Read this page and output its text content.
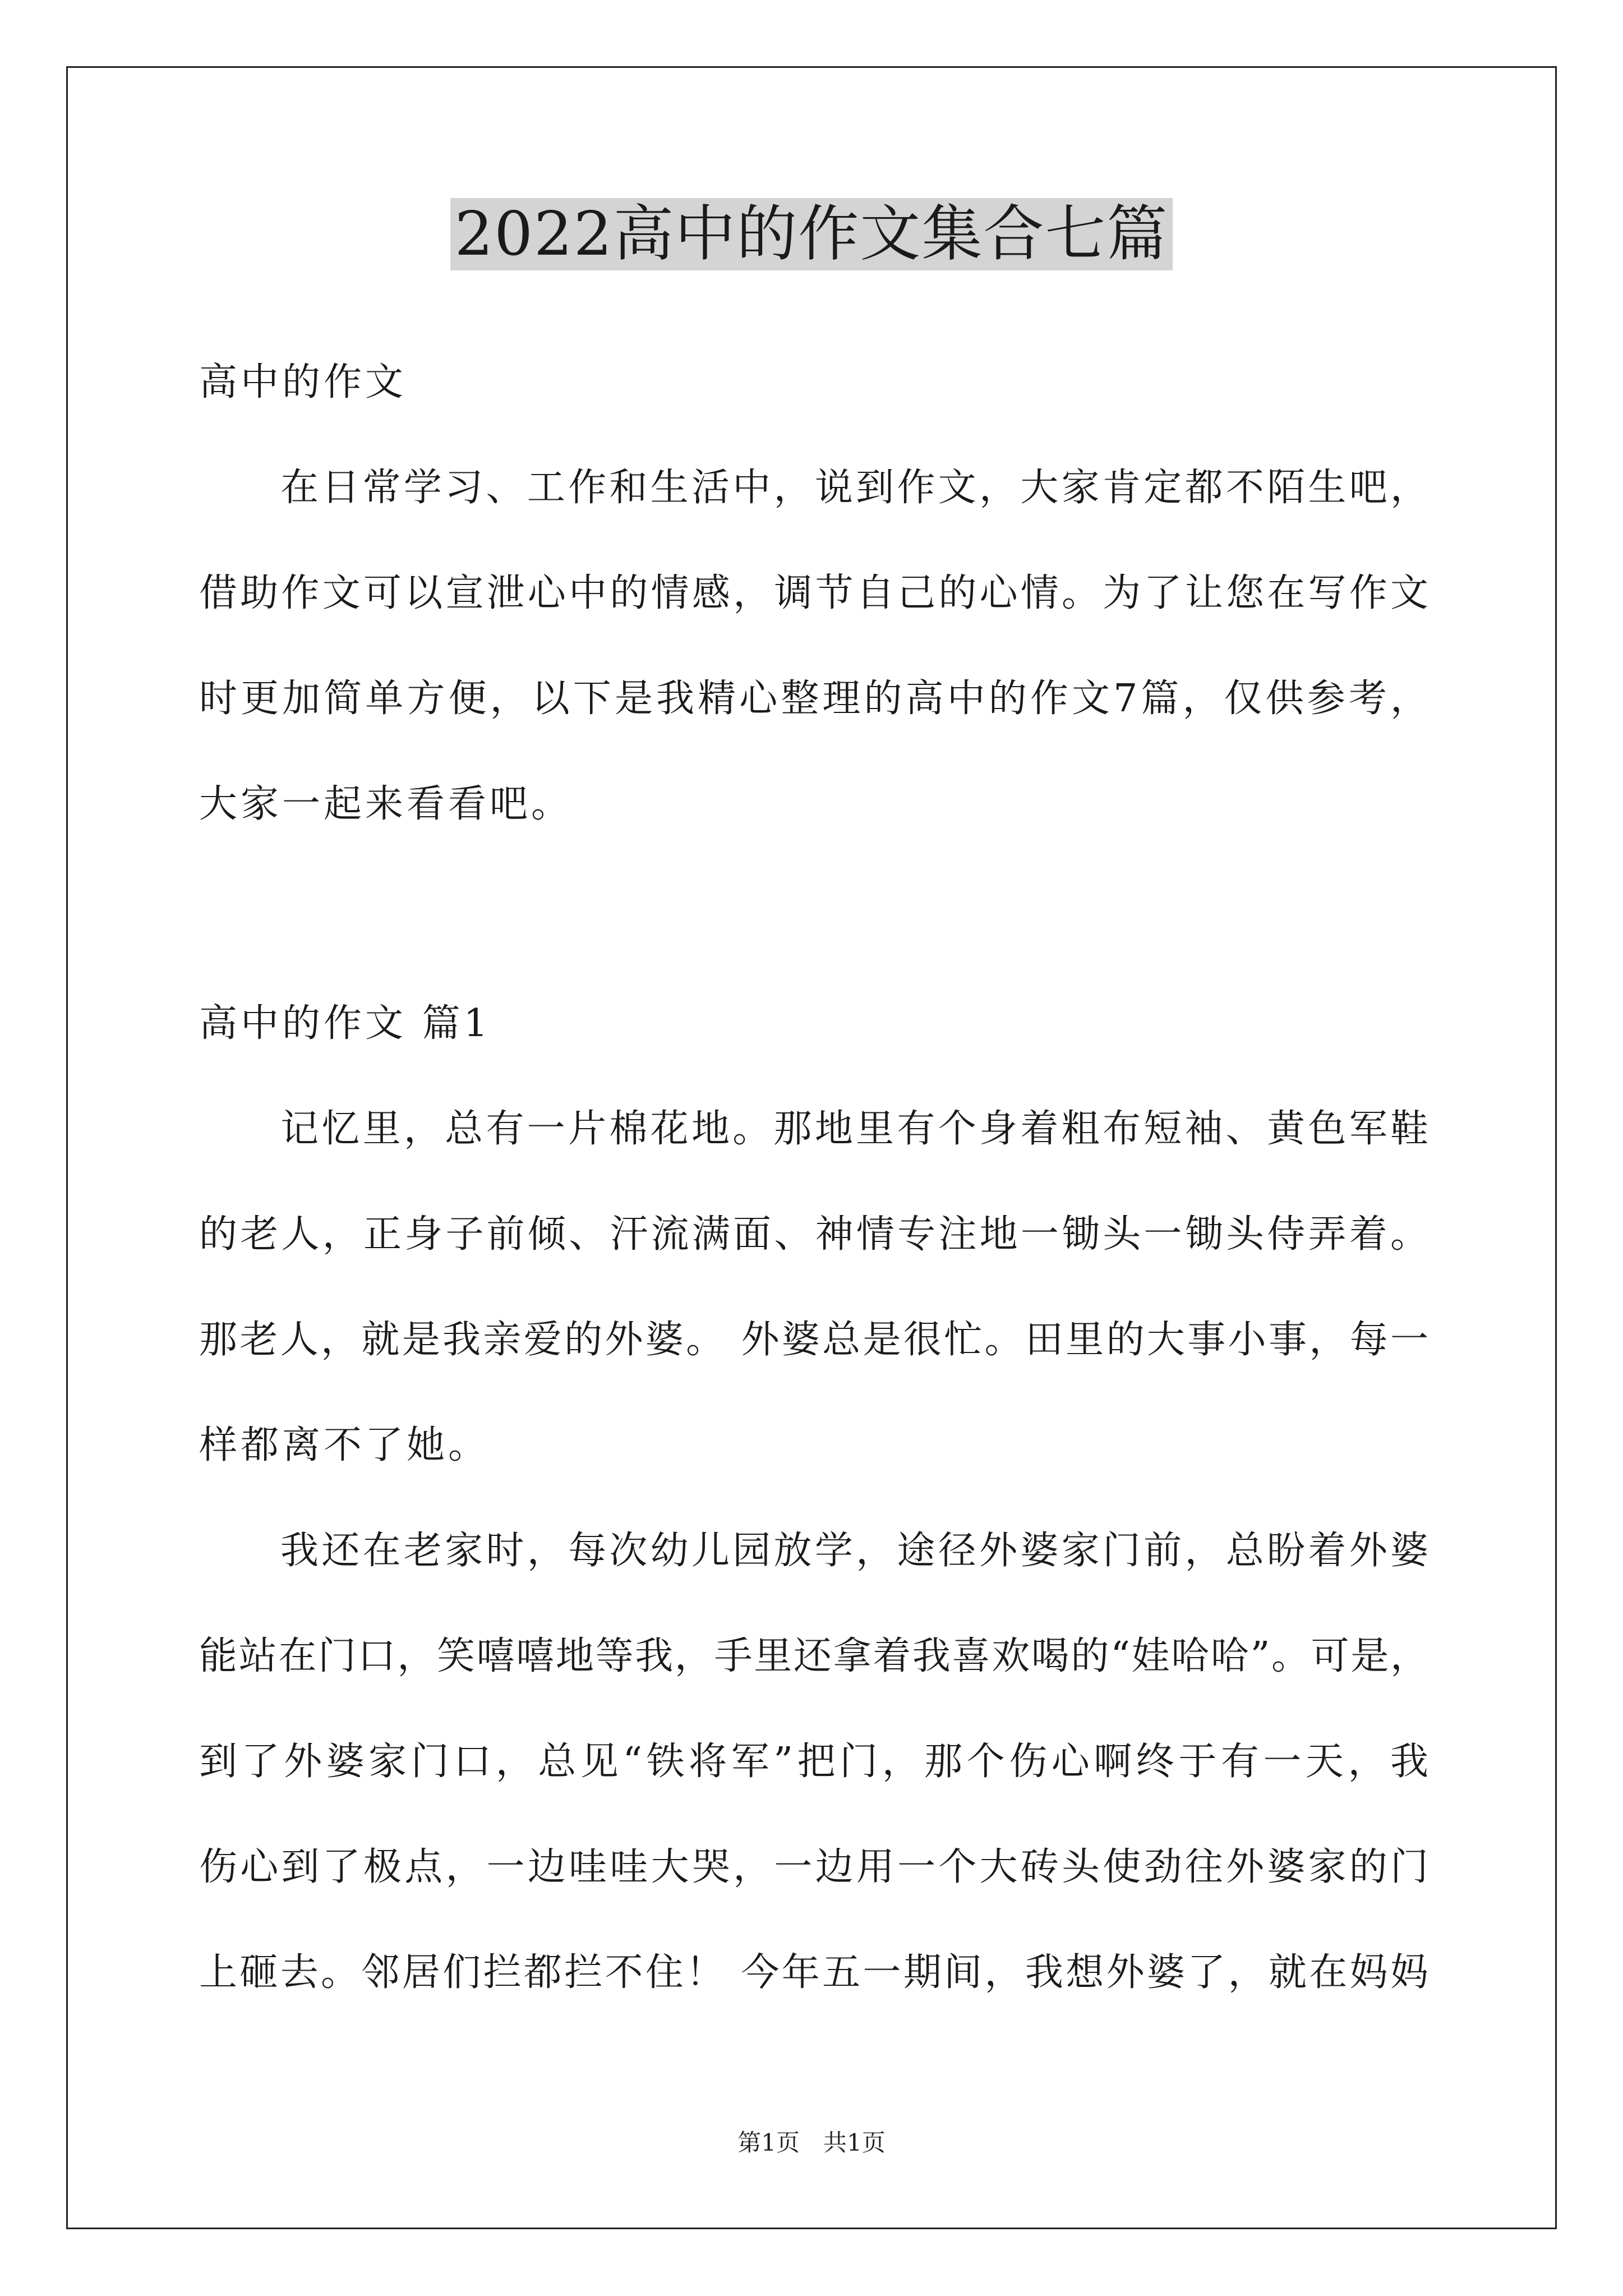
2022高中的作文集合七篇
高中的作文
在日常学习、工作和生活中，说到作文，大家肯定都不陌生吧，
借助作文可以宣泄心中的情感，调节自己的心情。为了让您在写作文
时更加简单方便，以下是我精心整理的高中的作文7篇，仅供参考，
大家一起来看看吧。
高中的作文 篇1
记忆里，总有一片棉花地。那地里有个身着粗布短袖、黄色军鞋
的老人，正身子前倾、汗流满面、神情专注地一锄头一锄头侍弄着。
那老人，就是我亲爱的外婆。 外婆总是很忙。田里的大事小事，每一
样都离不了她。
我还在老家时，每次幼儿园放学，途径外婆家门前，总盼着外婆
能站在门口，笑嘻嘻地等我，手里还拿着我喜欢喝的“娃哈哈”。可是，
到了外婆家门口，总见“铁将军”把门，那个伤心啊终于有一天，我
伤心到了极点，一边哇哇大哭，一边用一个大砖头使劲往外婆家的门
上砸去。邻居们拦都拦不住！ 今年五一期间，我想外婆了，就在妈妈
第1页　共1页
